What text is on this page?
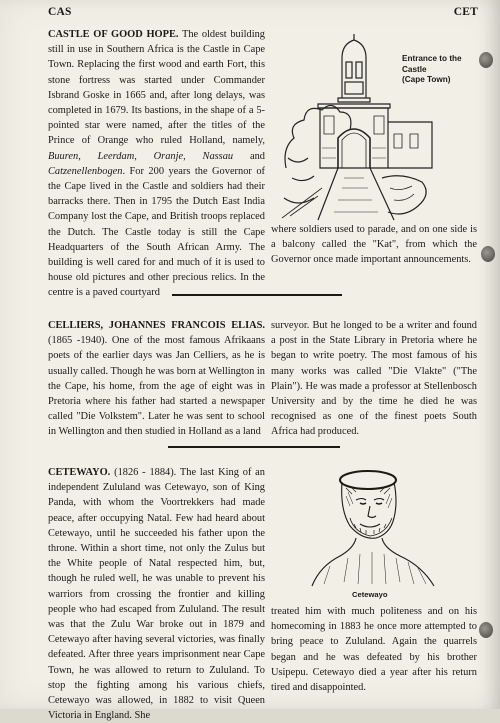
CAS	CET

CASTLE OF GOOD HOPE. The oldest building still in use in Southern Africa is the Castle in Cape Town. Replacing the first wood and earth Fort, this stone fortress was started under Commander Isbrand Goske in 1665 and, after long delays, was completed in 1679. Its bastions, in the shape of a 5-pointed star were named, after the titles of the Prince of Orange who ruled Holland, namely, Buuren, Leerdam, Oranje, Nassau and Catzenellenbogen. For 200 years the Governor of the Cape lived in the Castle and soldiers had their barracks there. Then in 1795 the Dutch East India Company lost the Cape, and British troops replaced the Dutch. The Castle today is still the Cape Headquarters of the South African Army. The building is well cared for and much of it is used to house old pictures and other precious relics. In the centre is a paved courtyard

Entrance to the
Castle
(Cape Town)

where soldiers used to parade, and on one side is a balcony called the "Kat", from which the Governor once made important announcements.

CELLIERS, JOHANNES FRANCOIS ELIAS. (1865 -1940). One of the most famous Afrikaans poets of the earlier days was Jan Celliers, as he is usually called. Though he was born at Wellington in the Cape, his home, from the age of eight was in Pretoria where his father had started a newspaper called "Die Volkstem". Later he was sent to school in Wellington and then studied in Holland as a land

surveyor. But he longed to be a writer and found a post in the State Library in Pretoria where he began to write poetry. The most famous of his many works was called "Die Vlakte" ("The Plain"). He was made a professor at Stellenbosch University and by the time he died he was recognised as one of the finest poets South Africa had produced.

CETEWAYO. (1826 - 1884). The last King of an independent Zululand was Cetewayo, son of King Panda, with whom the Voortrekkers had made peace, after occupying Natal. Few had heard about Cetewayo, until he succeeded his father upon the throne. Within a short time, not only the Zulus but the White people of Natal respected him, but, though he ruled well, he was unable to prevent his warriors from crossing the frontier and killing people who had escaped from Zululand. The result was that the Zulu War broke out in 1879 and Cetewayo after having several victories, was finally defeated. After three years imprisonment near Cape Town, he was allowed to return to Zululand. To stop the fighting among his various chiefs, Cetewayo was allowed, in 1882 to visit Queen Victoria in England. She

Cetewayo

treated him with much politeness and on his homecoming in 1883 he once more attempted to bring peace to Zululand. Again the quarrels began and he was defeated by his brother Usipepu. Cetewayo died a year after his return tired and disappointed.
